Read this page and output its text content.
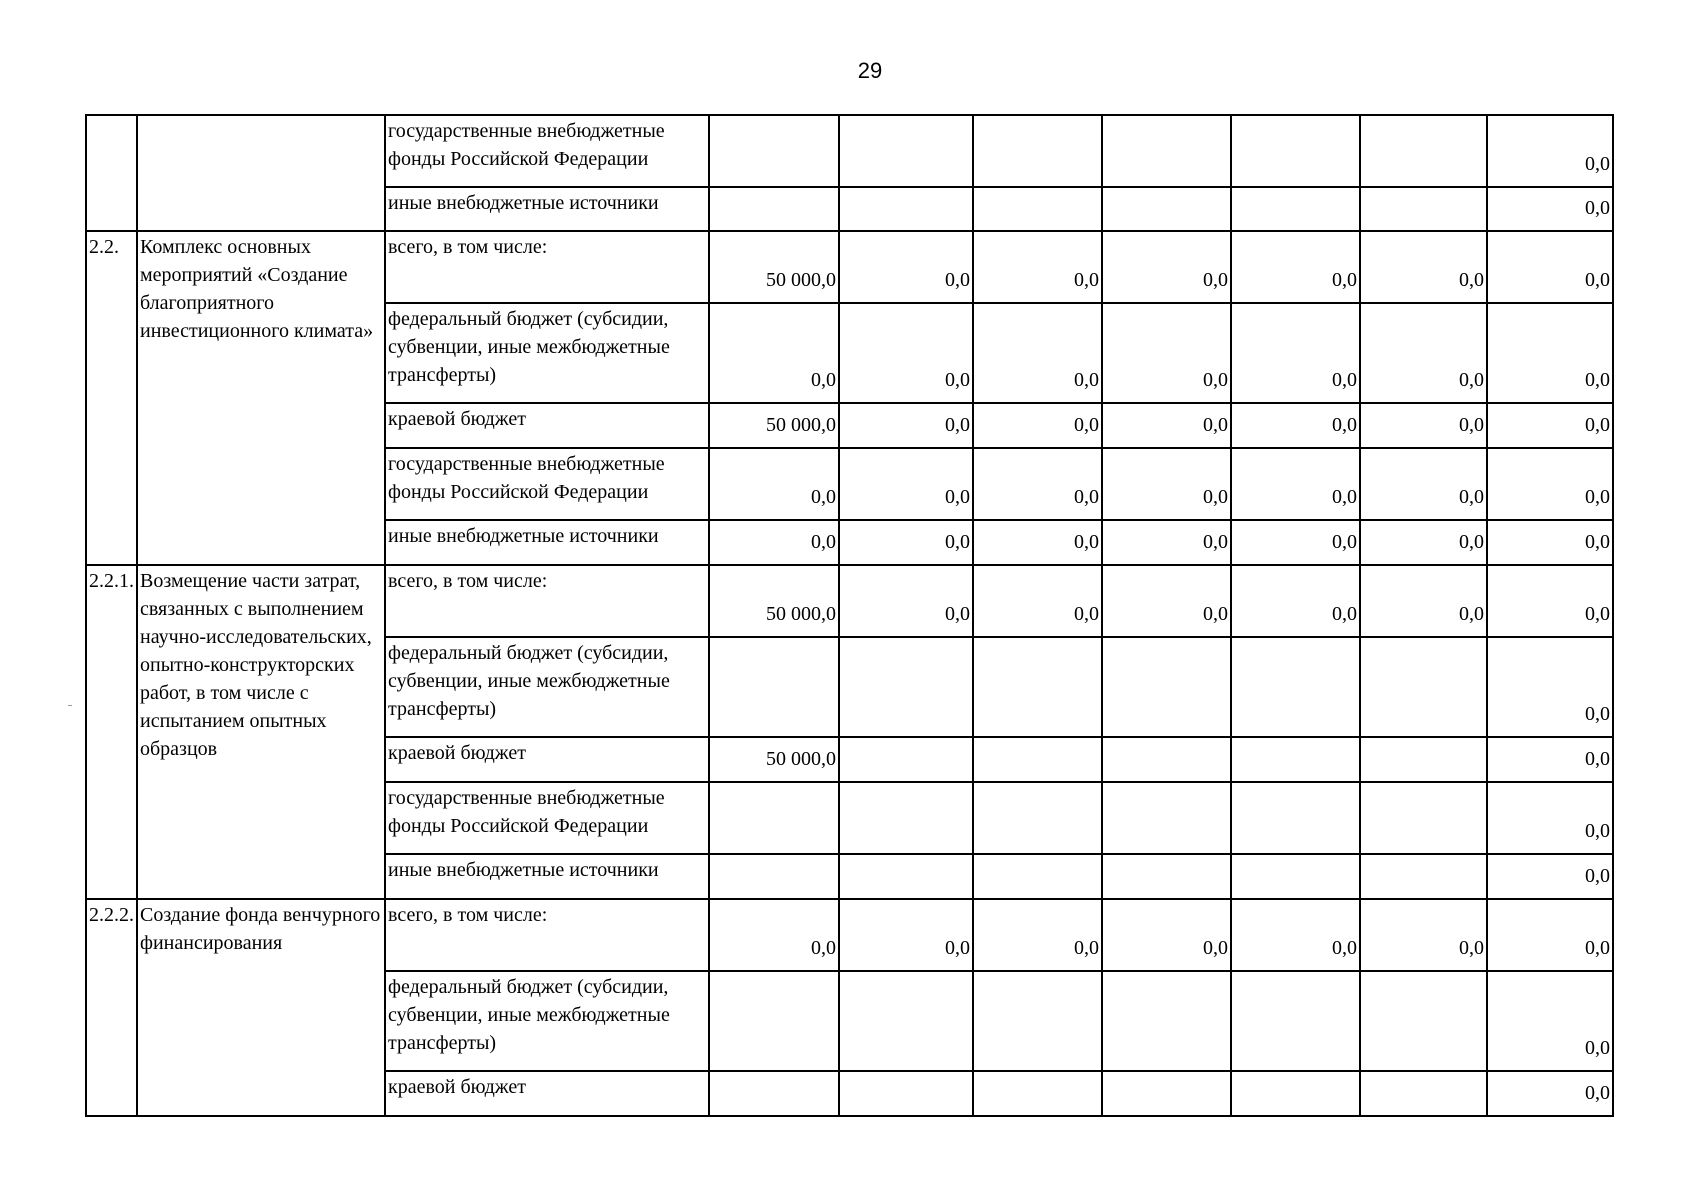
29
		государственные внебюджетные фонды Российской Федерации							0,0
		иные внебюджетные источники							0,0
2.2.	Комплекс основных мероприятий «Создание благоприятного инвестиционного климата»	всего, в том числе:	50 000,0	0,0	0,0	0,0	0,0	0,0	0,0
		федеральный бюджет (субсидии, субвенции, иные межбюджетные трансферты)	0,0	0,0	0,0	0,0	0,0	0,0	0,0
		краевой бюджет	50 000,0	0,0	0,0	0,0	0,0	0,0	0,0
		государственные внебюджетные фонды Российской Федерации	0,0	0,0	0,0	0,0	0,0	0,0	0,0
		иные внебюджетные источники	0,0	0,0	0,0	0,0	0,0	0,0	0,0
2.2.1.	Возмещение части затрат, связанных с выполнением научно-исследовательских, опытно-конструкторских работ, в том числе с испытанием опытных образцов	всего, в том числе:	50 000,0	0,0	0,0	0,0	0,0	0,0	0,0
		федеральный бюджет (субсидии, субвенции, иные межбюджетные трансферты)							0,0
		краевой бюджет	50 000,0						0,0
		государственные внебюджетные фонды Российской Федерации							0,0
		иные внебюджетные источники							0,0
2.2.2.	Создание фонда венчурного финансирования	всего, в том числе:	0,0	0,0	0,0	0,0	0,0	0,0	0,0
		федеральный бюджет (субсидии, субвенции, иные межбюджетные трансферты)							0,0
		краевой бюджет							0,0
